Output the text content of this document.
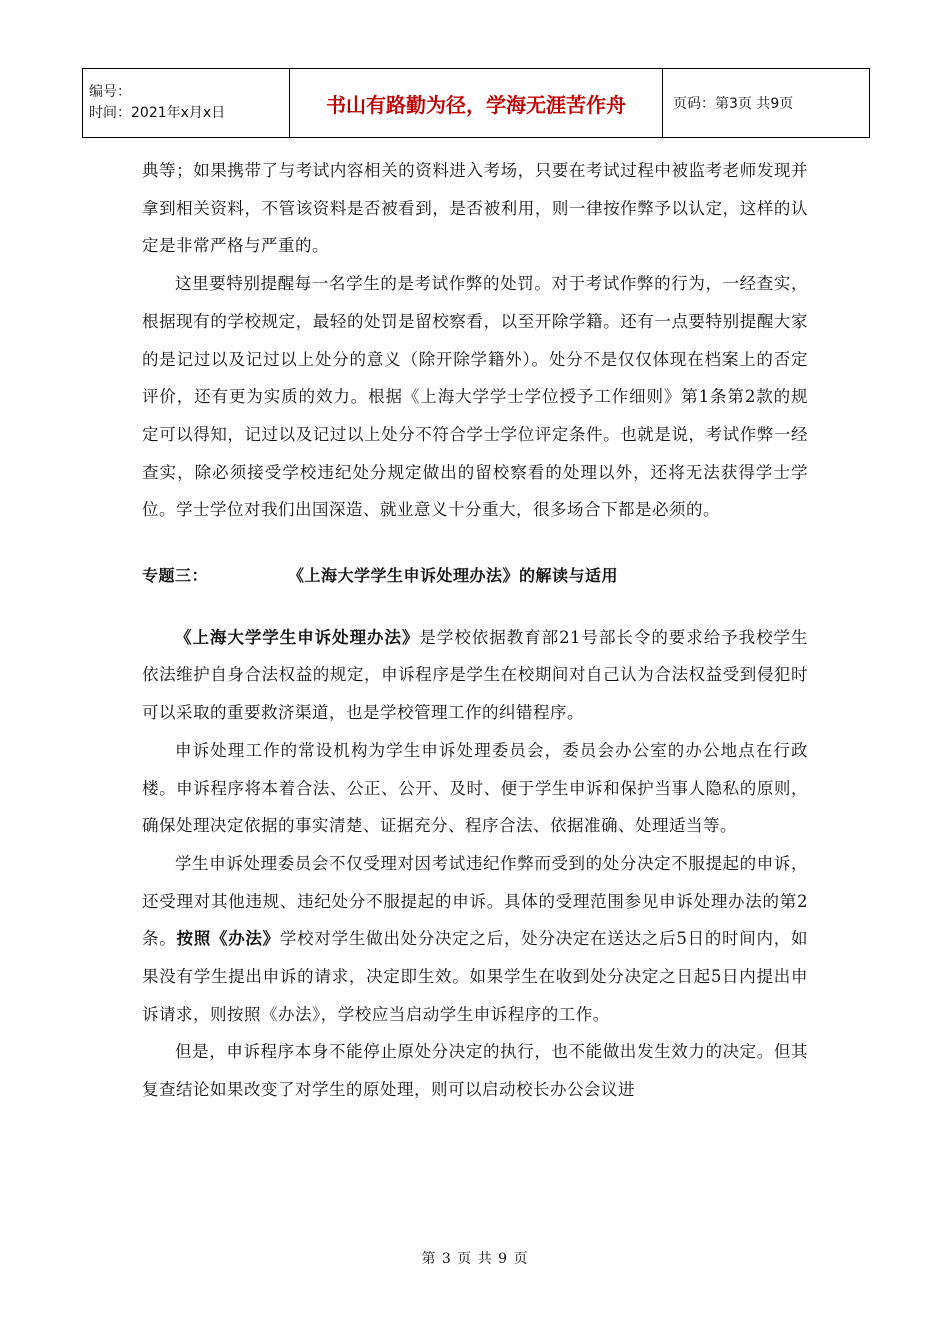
编号：
时间：2021年x月x日	书山有路勤为径，学海无涯苦作舟	页码：第3页 共9页

典等；如果携带了与考试内容相关的资料进入考场，只要在考试过程中被监考老师发现并拿到相关资料，不管该资料是否被看到，是否被利用，则一律按作弊予以认定，这样的认定是非常严格与严重的。

这里要特别提醒每一名学生的是考试作弊的处罚。对于考试作弊的行为，一经查实，根据现有的学校规定，最轻的处罚是留校察看，以至开除学籍。还有一点要特别提醒大家的是记过以及记过以上处分的意义（除开除学籍外）。处分不是仅仅体现在档案上的否定评价，还有更为实质的效力。根据《上海大学学士学位授予工作细则》第1条第2款的规定可以得知，记过以及记过以上处分不符合学士学位评定条件。也就是说，考试作弊一经查实，除必须接受学校违纪处分规定做出的留校察看的处理以外，还将无法获得学士学位。学士学位对我们出国深造、就业意义十分重大，很多场合下都是必须的。

专题三：	《上海大学学生申诉处理办法》的解读与适用

《上海大学学生申诉处理办法》是学校依据教育部21号部长令的要求给予我校学生依法维护自身合法权益的规定，申诉程序是学生在校期间对自己认为合法权益受到侵犯时可以采取的重要救济渠道，也是学校管理工作的纠错程序。

申诉处理工作的常设机构为学生申诉处理委员会，委员会办公室的办公地点在行政楼。申诉程序将本着合法、公正、公开、及时、便于学生申诉和保护当事人隐私的原则，确保处理决定依据的事实清楚、证据充分、程序合法、依据准确、处理适当等。

学生申诉处理委员会不仅受理对因考试违纪作弊而受到的处分决定不服提起的申诉，还受理对其他违规、违纪处分不服提起的申诉。具体的受理范围参见申诉处理办法的第2条。按照《办法》学校对学生做出处分决定之后，处分决定在送达之后5日的时间内，如果没有学生提出申诉的请求，决定即生效。如果学生在收到处分决定之日起5日内提出申诉请求，则按照《办法》，学校应当启动学生申诉程序的工作。

但是，申诉程序本身不能停止原处分决定的执行，也不能做出发生效力的决定。但其复查结论如果改变了对学生的原处理，则可以启动校长办公会议进

第 3 页 共 9 页
